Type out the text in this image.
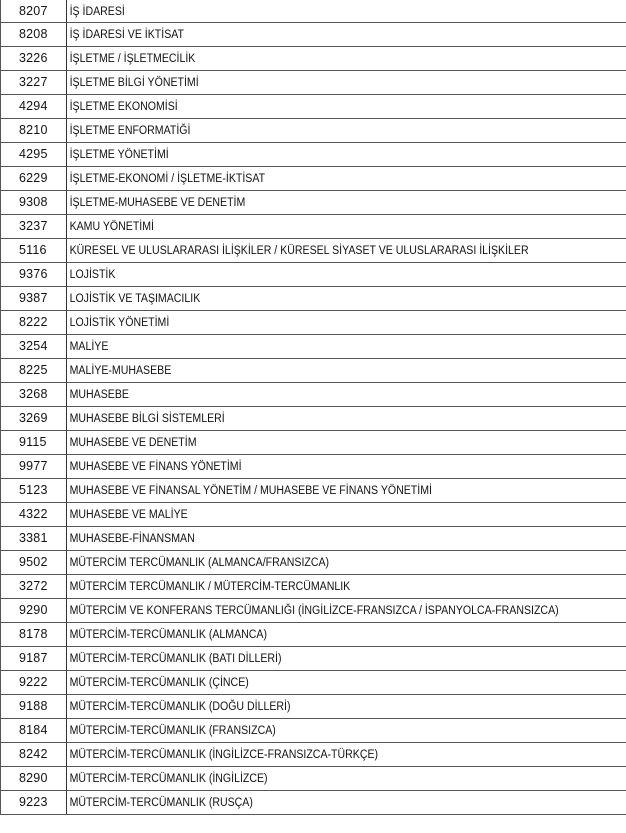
8207	İŞ İDARESİ
8208	İŞ İDARESİ VE İKTİSAT
3226	İŞLETME / İŞLETMECİLİK
3227	İŞLETME BİLGİ YÖNETİMİ
4294	İŞLETME EKONOMİSİ
8210	İŞLETME ENFORMATİĞİ
4295	İŞLETME YÖNETİMİ
6229	İŞLETME-EKONOMİ / İŞLETME-İKTİSAT
9308	İŞLETME-MUHASEBE VE DENETİM
3237	KAMU YÖNETİMİ
5116	KÜRESEL VE ULUSLARARASI İLİŞKİLER / KÜRESEL SİYASET VE ULUSLARARASI İLİŞKİLER
9376	LOJİSTİK
9387	LOJİSTİK VE TAŞIMACILIK
8222	LOJİSTİK YÖNETİMİ
3254	MALİYE
8225	MALİYE-MUHASEBE
3268	MUHASEBE
3269	MUHASEBE BİLGİ SİSTEMLERİ
9115	MUHASEBE VE DENETİM
9977	MUHASEBE VE FİNANS YÖNETİMİ
5123	MUHASEBE VE FİNANSAL YÖNETİM / MUHASEBE VE FİNANS YÖNETİMİ
4322	MUHASEBE VE MALİYE
3381	MUHASEBE-FİNANSMAN
9502	MÜTERCİM TERCÜMANLIK (ALMANCA/FRANSIZCA)
3272	MÜTERCİM TERCÜMANLIK / MÜTERCİM-TERCÜMANLIK
9290	MÜTERCİM VE KONFERANS TERCÜMANLIĞI (İNGİLİZCE-FRANSIZCA / İSPANYOLCA-FRANSIZCA)
8178	MÜTERCİM-TERCÜMANLIK (ALMANCA)
9187	MÜTERCİM-TERCÜMANLIK (BATI DİLLERİ)
9222	MÜTERCİM-TERCÜMANLIK (ÇİNCE)
9188	MÜTERCİM-TERCÜMANLIK (DOĞU DİLLERİ)
8184	MÜTERCİM-TERCÜMANLIK (FRANSIZCA)
8242	MÜTERCİM-TERCÜMANLIK (İNGİLİZCE-FRANSIZCA-TÜRKÇE)
8290	MÜTERCİM-TERCÜMANLIK (İNGİLİZCE)
9223	MÜTERCİM-TERCÜMANLIK (RUSÇA)
